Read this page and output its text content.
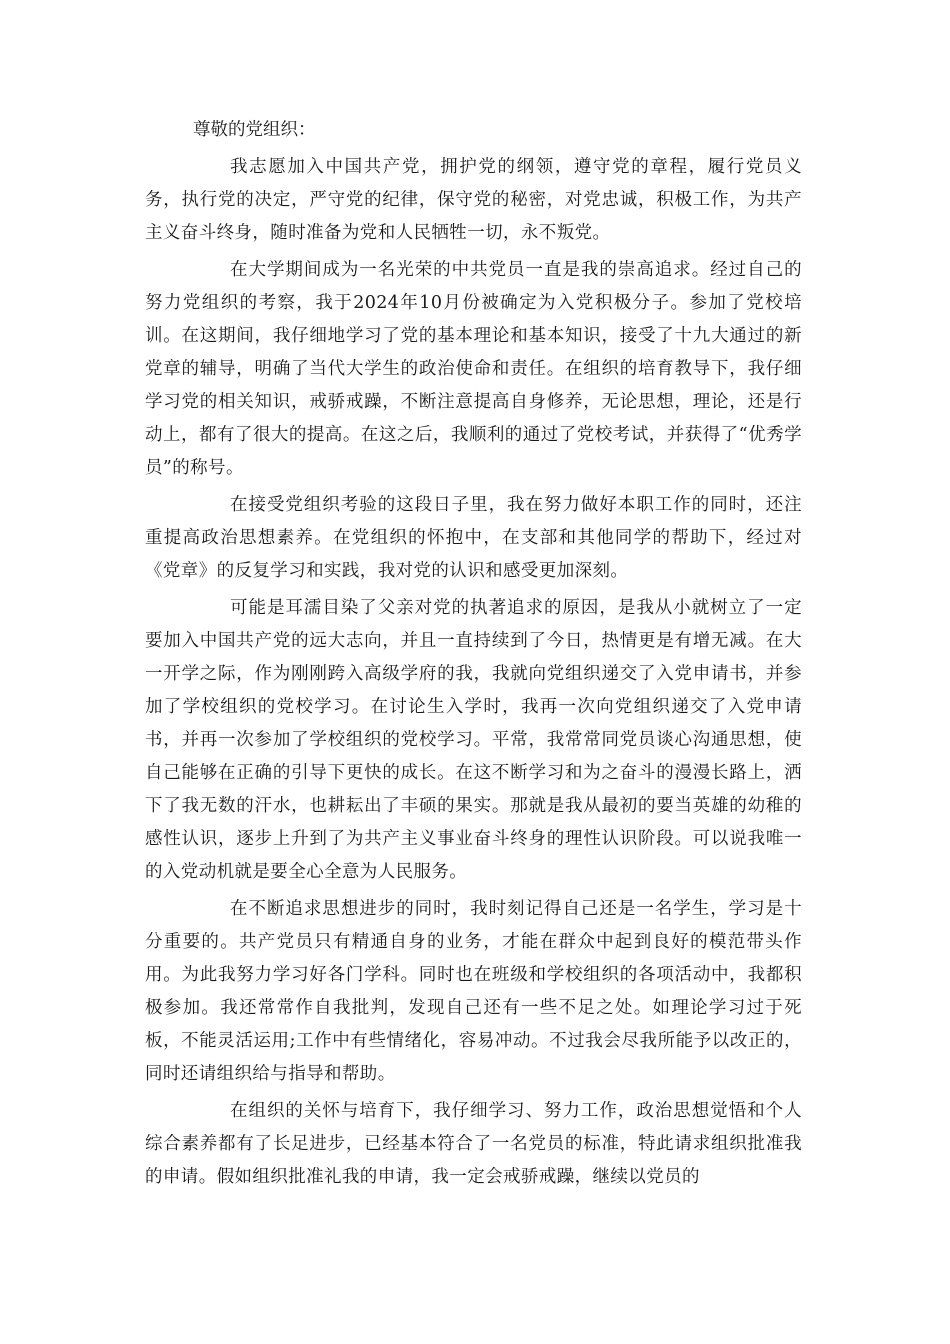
尊敬的党组织：

我志愿加入中国共产党，拥护党的纲领，遵守党的章程，履行党员义务，执行党的决定，严守党的纪律，保守党的秘密，对党忠诚，积极工作，为共产主义奋斗终身，随时准备为党和人民牺牲一切，永不叛党。

在大学期间成为一名光荣的中共党员一直是我的崇高追求。经过自己的努力党组织的考察，我于2024年10月份被确定为入党积极分子。参加了党校培训。在这期间，我仔细地学习了党的基本理论和基本知识，接受了十九大通过的新党章的辅导，明确了当代大学生的政治使命和责任。在组织的培育教导下，我仔细学习党的相关知识，戒骄戒躁，不断注意提高自身修养，无论思想，理论，还是行动上，都有了很大的提高。在这之后，我顺利的通过了党校考试，并获得了“优秀学员”的称号。

在接受党组织考验的这段日子里，我在努力做好本职工作的同时，还注重提高政治思想素养。在党组织的怀抱中，在支部和其他同学的帮助下，经过对《党章》的反复学习和实践，我对党的认识和感受更加深刻。

可能是耳濡目染了父亲对党的执著追求的原因，是我从小就树立了一定要加入中国共产党的远大志向，并且一直持续到了今日，热情更是有增无减。在大一开学之际，作为刚刚跨入高级学府的我，我就向党组织递交了入党申请书，并参加了学校组织的党校学习。在讨论生入学时，我再一次向党组织递交了入党申请书，并再一次参加了学校组织的党校学习。平常，我常常同党员谈心沟通思想，使自己能够在正确的引导下更快的成长。在这不断学习和为之奋斗的漫漫长路上，洒下了我无数的汗水，也耕耘出了丰硕的果实。那就是我从最初的要当英雄的幼稚的感性认识，逐步上升到了为共产主义事业奋斗终身的理性认识阶段。可以说我唯一的入党动机就是要全心全意为人民服务。

在不断追求思想进步的同时，我时刻记得自己还是一名学生，学习是十分重要的。共产党员只有精通自身的业务，才能在群众中起到良好的模范带头作用。为此我努力学习好各门学科。同时也在班级和学校组织的各项活动中，我都积极参加。我还常常作自我批判，发现自己还有一些不足之处。如理论学习过于死板，不能灵活运用;工作中有些情绪化，容易冲动。不过我会尽我所能予以改正的，同时还请组织给与指导和帮助。

在组织的关怀与培育下，我仔细学习、努力工作，政治思想觉悟和个人综合素养都有了长足进步，已经基本符合了一名党员的标准，特此请求组织批准我的申请。假如组织批准礼我的申请，我一定会戒骄戒躁，继续以党员的
